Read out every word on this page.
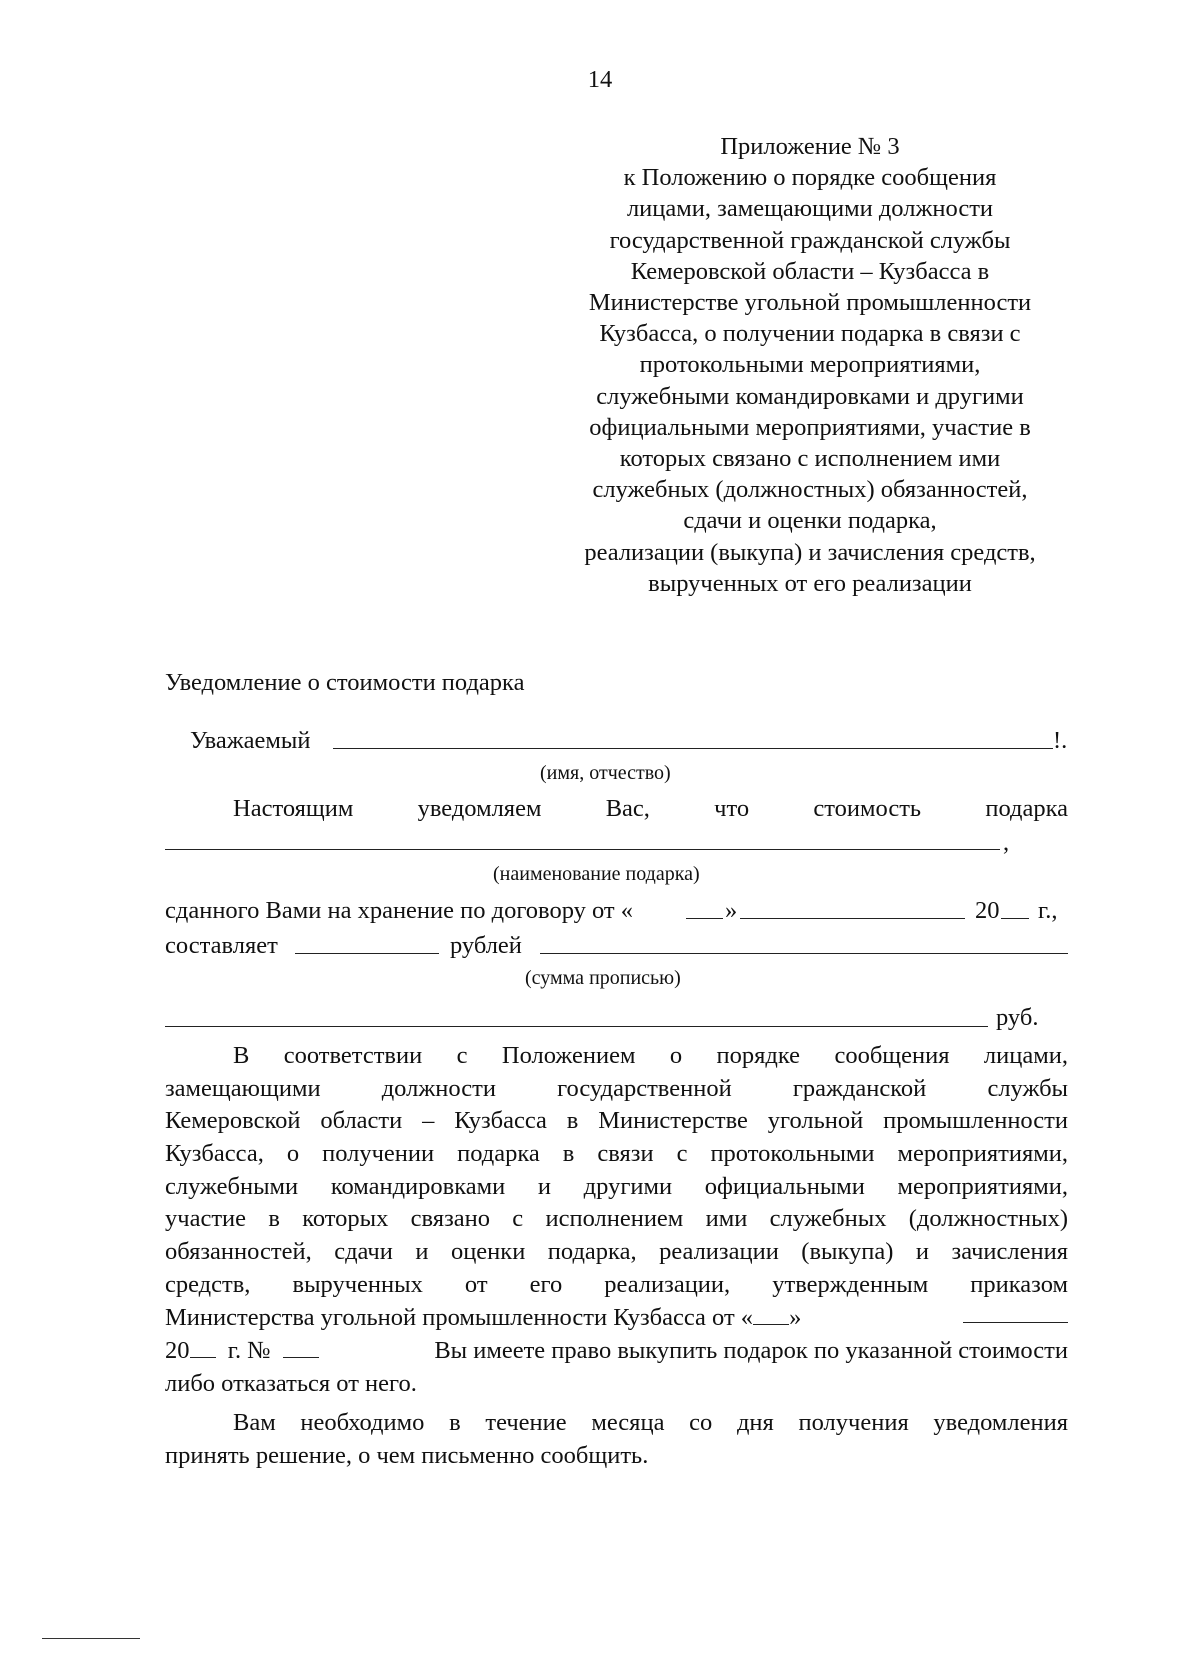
14
Приложение № 3
к Положению о порядке сообщения
лицами, замещающими должности
государственной гражданской службы
Кемеровской области – Кузбасса в
Министерстве угольной промышленности
Кузбасса, о получении подарка в связи с
протокольными мероприятиями,
служебными командировками и другими
официальными мероприятиями, участие в
которых связано с исполнением ими
служебных (должностных) обязанностей,
сдачи и оценки подарка,
реализации (выкупа) и зачисления средств,
вырученных от его реализации
Уведомление о стоимости подарка
Уважаемый	!.
(имя, отчество)
Настоящим	уведомляем	Вас,	что	стоимость	подарка
,
(наименование подарка)
сданного Вами на хранение по договору от «	»	20 г.,
составляет	рублей
(сумма прописью)
руб.
В соответствии с Положением о порядке сообщения лицами,
замещающими должности государственной гражданской службы
Кемеровской области – Кузбасса в Министерстве угольной промышленности
Кузбасса, о получении подарка в связи с протокольными мероприятиями,
служебными командировками и другими официальными мероприятиями,
участие в которых связано с исполнением ими служебных (должностных)
обязанностей, сдачи и оценки подарка, реализации (выкупа) и зачисления
средств, вырученных от его реализации, утвержденным приказом
Министерства угольной промышленности Кузбасса от « »
20 г. №	Вы имеете право выкупить подарок по указанной стоимости
либо отказаться от него.
Вам необходимо в течение месяца со дня получения уведомления
принять решение, о чем письменно сообщить.
